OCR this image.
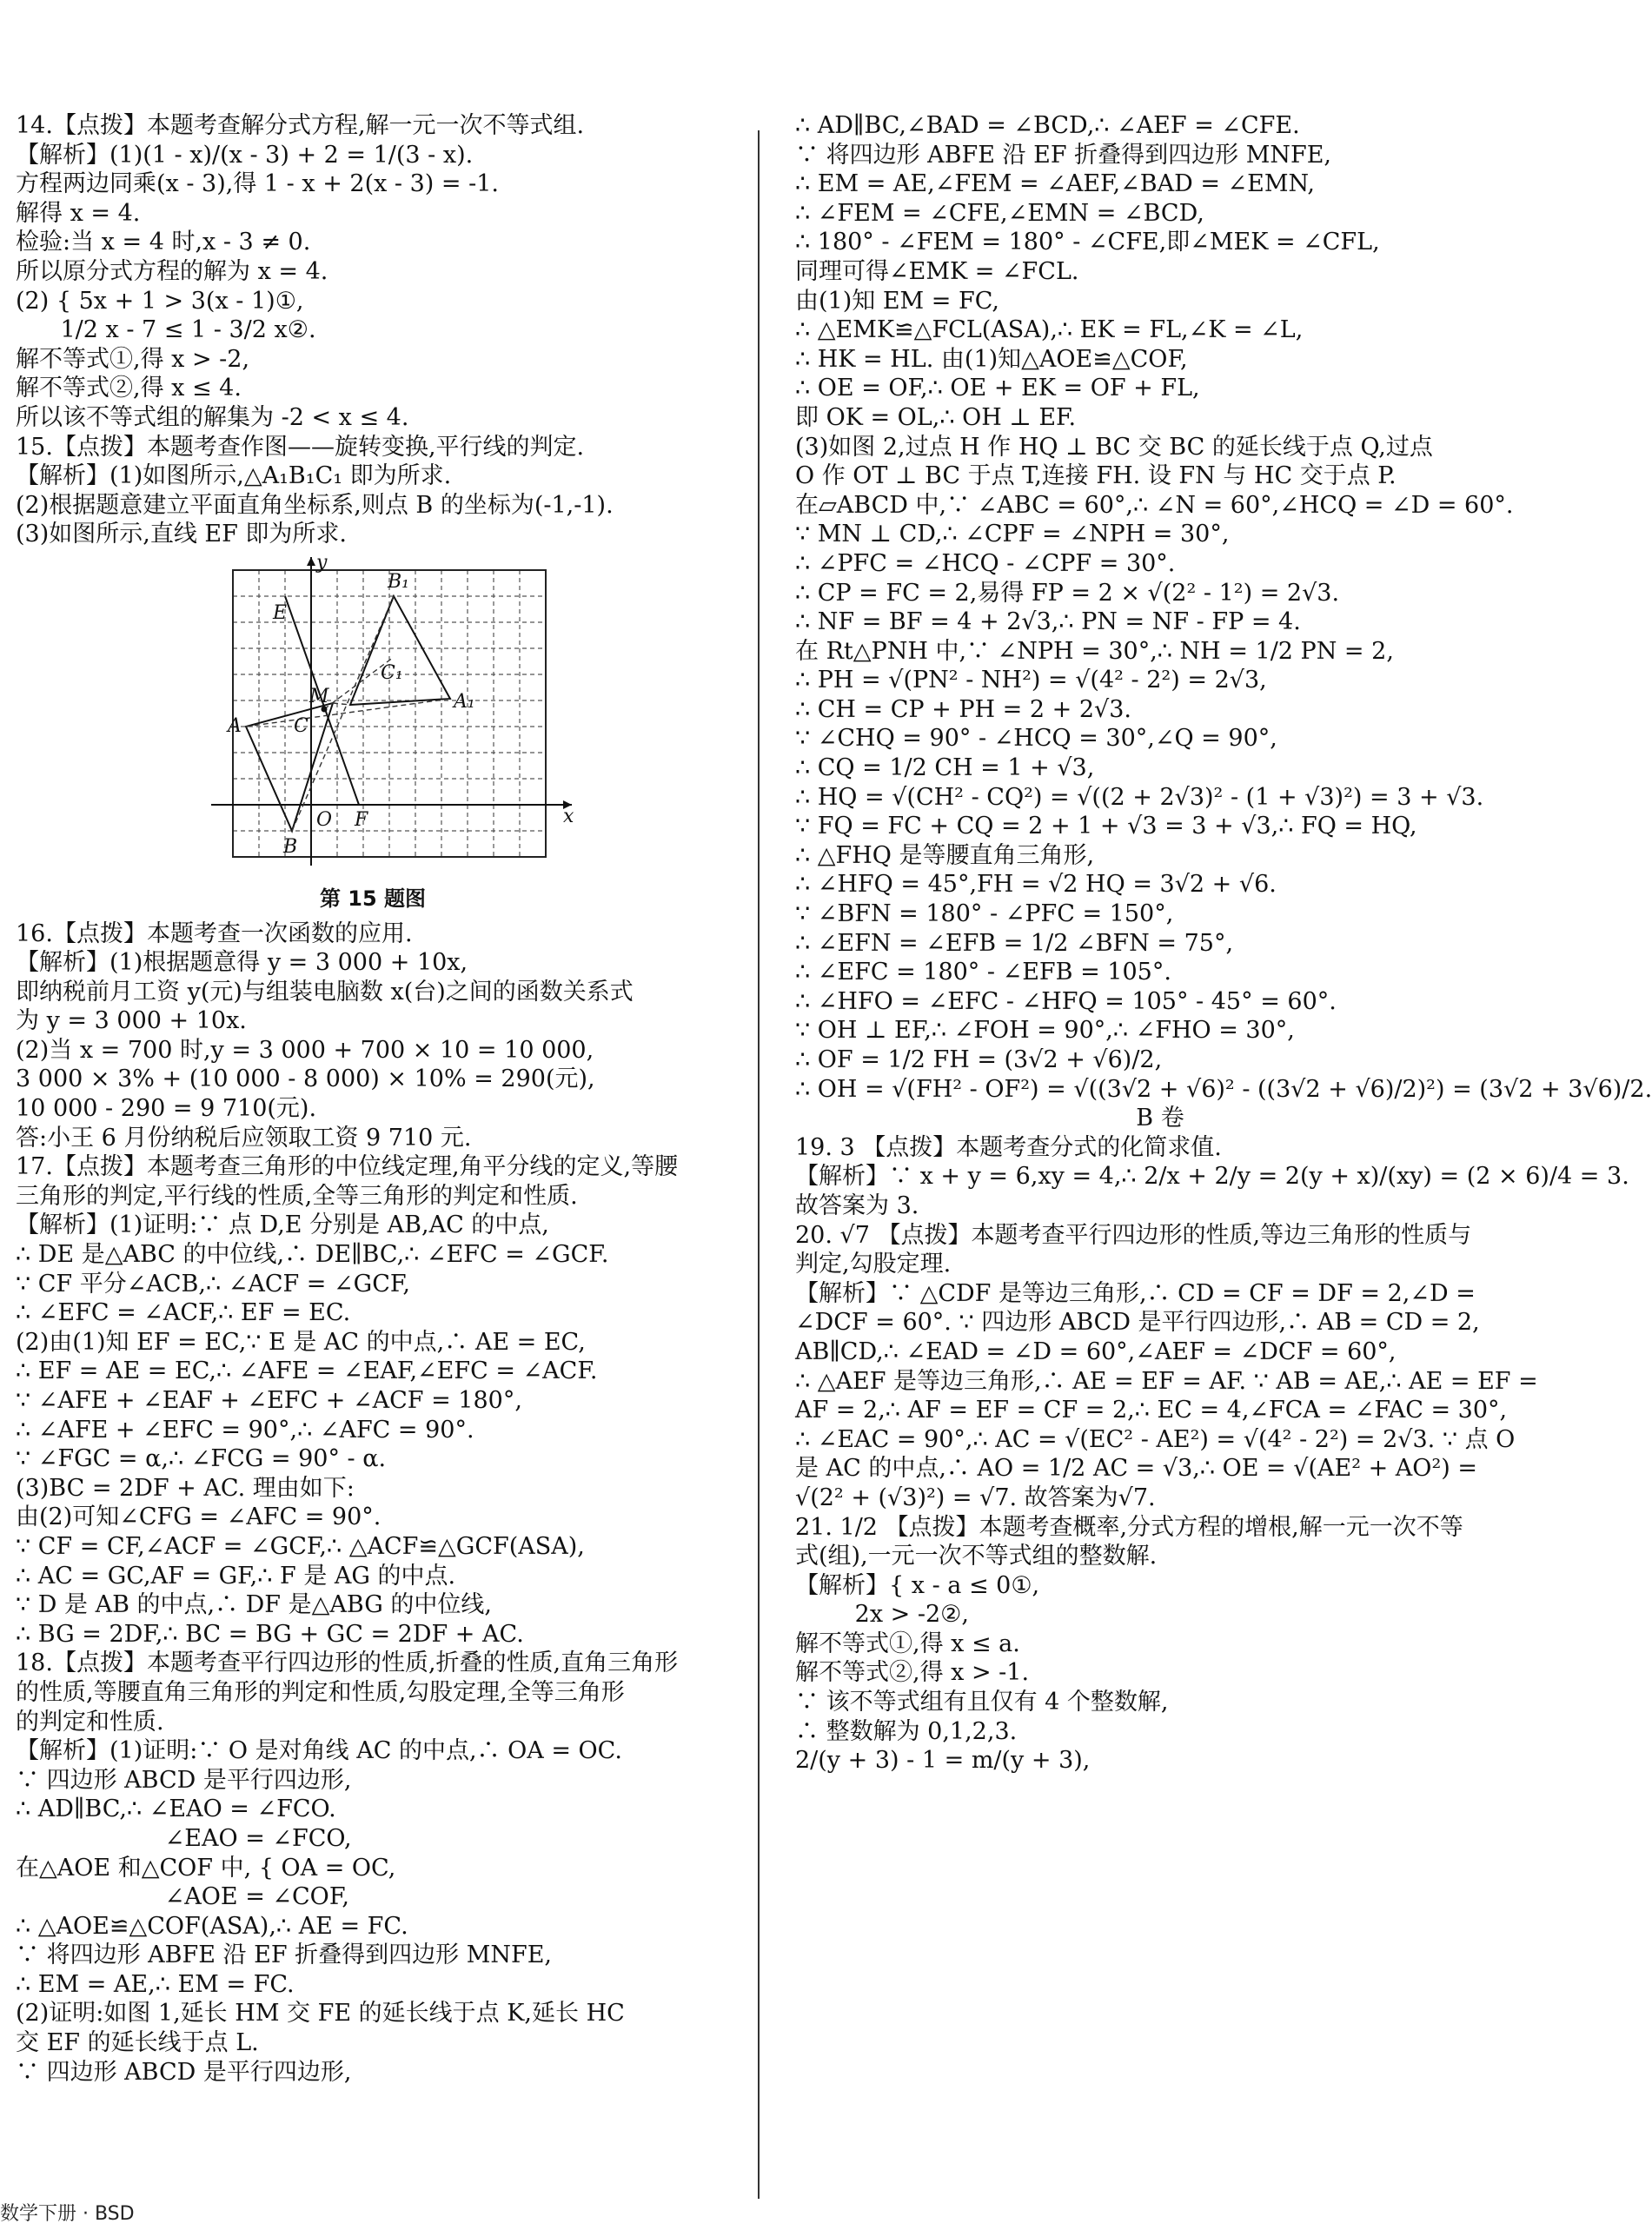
14.【点拨】本题考查解分式方程,解一元一次不等式组.
【解析】(1)(1 - x)/(x - 3) + 2 = 1/(3 - x).
方程两边同乘(x - 3),得 1 - x + 2(x - 3) = -1.
解得 x = 4.
检验:当 x = 4 时,x - 3 ≠ 0.
所以原分式方程的解为 x = 4.
(2) { 5x + 1 > 3(x - 1)①,
1/2 x - 7 ≤ 1 - 3/2 x②.
解不等式①,得 x > -2,
解不等式②,得 x ≤ 4.
所以该不等式组的解集为 -2 < x ≤ 4.
15.【点拨】本题考查作图——旋转变换,平行线的判定.
【解析】(1)如图所示,△A₁B₁C₁ 即为所求.
(2)根据题意建立平面直角坐标系,则点 B 的坐标为(-1,-1).
(3)如图所示,直线 EF 即为所求.
y
x
E
B₁
C₁
A₁
M
A	C
O F
B
第 15 题图
16.【点拨】本题考查一次函数的应用.
【解析】(1)根据题意得 y = 3 000 + 10x,
即纳税前月工资 y(元)与组装电脑数 x(台)之间的函数关系式
为 y = 3 000 + 10x.
(2)当 x = 700 时,y = 3 000 + 700 × 10 = 10 000,
3 000 × 3% + (10 000 - 8 000) × 10% = 290(元),
10 000 - 290 = 9 710(元).
答:小王 6 月份纳税后应领取工资 9 710 元.
17.【点拨】本题考查三角形的中位线定理,角平分线的定义,等腰
三角形的判定,平行线的性质,全等三角形的判定和性质.
【解析】(1)证明:∵ 点 D,E 分别是 AB,AC 的中点,
∴ DE 是△ABC 的中位线,∴ DE∥BC,∴ ∠EFC = ∠GCF.
∵ CF 平分∠ACB,∴ ∠ACF = ∠GCF,
∴ ∠EFC = ∠ACF,∴ EF = EC.
(2)由(1)知 EF = EC,∵ E 是 AC 的中点,∴ AE = EC,
∴ EF = AE = EC,∴ ∠AFE = ∠EAF,∠EFC = ∠ACF.
∵ ∠AFE + ∠EAF + ∠EFC + ∠ACF = 180°,
∴ ∠AFE + ∠EFC = 90°,∴ ∠AFC = 90°.
∵ ∠FGC = α,∴ ∠FCG = 90° - α.
(3)BC = 2DF + AC. 理由如下:
由(2)可知∠CFG = ∠AFC = 90°.
∵ CF = CF,∠ACF = ∠GCF,∴ △ACF≌△GCF(ASA),
∴ AC = GC,AF = GF,∴ F 是 AG 的中点.
∵ D 是 AB 的中点,∴ DF 是△ABG 的中位线,
∴ BG = 2DF,∴ BC = BG + GC = 2DF + AC.
18.【点拨】本题考查平行四边形的性质,折叠的性质,直角三角形
的性质,等腰直角三角形的判定和性质,勾股定理,全等三角形
的判定和性质.
【解析】(1)证明:∵ O 是对角线 AC 的中点,∴ OA = OC.
∵ 四边形 ABCD 是平行四边形,
∴ AD∥BC,∴ ∠EAO = ∠FCO.
∠EAO = ∠FCO,
在△AOE 和△COF 中, { OA = OC,
∠AOE = ∠COF,
∴ △AOE≌△COF(ASA),∴ AE = FC.
∵ 将四边形 ABFE 沿 EF 折叠得到四边形 MNFE,
∴ EM = AE,∴ EM = FC.
(2)证明:如图 1,延长 HM 交 FE 的延长线于点 K,延长 HC
交 EF 的延长线于点 L.
∵ 四边形 ABCD 是平行四边形,
∴ AD∥BC,∠BAD = ∠BCD,∴ ∠AEF = ∠CFE.
∵ 将四边形 ABFE 沿 EF 折叠得到四边形 MNFE,
∴ EM = AE,∠FEM = ∠AEF,∠BAD = ∠EMN,
∴ ∠FEM = ∠CFE,∠EMN = ∠BCD,
∴ 180° - ∠FEM = 180° - ∠CFE,即∠MEK = ∠CFL,
同理可得∠EMK = ∠FCL.
由(1)知 EM = FC,
∴ △EMK≌△FCL(ASA),∴ EK = FL,∠K = ∠L,
∴ HK = HL. 由(1)知△AOE≌△COF,
∴ OE = OF,∴ OE + EK = OF + FL,
即 OK = OL,∴ OH ⊥ EF.
(3)如图 2,过点 H 作 HQ ⊥ BC 交 BC 的延长线于点 Q,过点
O 作 OT ⊥ BC 于点 T,连接 FH. 设 FN 与 HC 交于点 P.
在▱ABCD 中,∵ ∠ABC = 60°,∴ ∠N = 60°,∠HCQ = ∠D = 60°.
∵ MN ⊥ CD,∴ ∠CPF = ∠NPH = 30°,
∴ ∠PFC = ∠HCQ - ∠CPF = 30°.
∴ CP = FC = 2,易得 FP = 2 × √(2² - 1²) = 2√3.
∴ NF = BF = 4 + 2√3,∴ PN = NF - FP = 4.
在 Rt△PNH 中,∵ ∠NPH = 30°,∴ NH = 1/2 PN = 2,
∴ PH = √(PN² - NH²) = √(4² - 2²) = 2√3,
∴ CH = CP + PH = 2 + 2√3.
∵ ∠CHQ = 90° - ∠HCQ = 30°,∠Q = 90°,
∴ CQ = 1/2 CH = 1 + √3,
∴ HQ = √(CH² - CQ²) = √((2 + 2√3)² - (1 + √3)²) = 3 + √3.
∵ FQ = FC + CQ = 2 + 1 + √3 = 3 + √3,∴ FQ = HQ,
∴ △FHQ 是等腰直角三角形,
∴ ∠HFQ = 45°,FH = √2 HQ = 3√2 + √6.
∵ ∠BFN = 180° - ∠PFC = 150°,
∴ ∠EFN = ∠EFB = 1/2 ∠BFN = 75°,
∴ ∠EFC = 180° - ∠EFB = 105°.
∴ ∠HFO = ∠EFC - ∠HFQ = 105° - 45° = 60°.
∵ OH ⊥ EF,∴ ∠FOH = 90°,∴ ∠FHO = 30°,
∴ OF = 1/2 FH = (3√2 + √6)/2,
∴ OH = √(FH² - OF²) = √((3√2 + √6)² - ((3√2 + √6)/2)²) = (3√2 + 3√6)/2.
B 卷
19. 3 【点拨】本题考查分式的化简求值.
【解析】∵ x + y = 6,xy = 4,∴ 2/x + 2/y = 2(y + x)/(xy) = (2 × 6)/4 = 3.
故答案为 3.
20. √7 【点拨】本题考查平行四边形的性质,等边三角形的性质与
判定,勾股定理.
【解析】∵ △CDF 是等边三角形,∴ CD = CF = DF = 2,∠D =
∠DCF = 60°. ∵ 四边形 ABCD 是平行四边形,∴ AB = CD = 2,
AB∥CD,∴ ∠EAD = ∠D = 60°,∠AEF = ∠DCF = 60°,
∴ △AEF 是等边三角形,∴ AE = EF = AF. ∵ AB = AE,∴ AE = EF =
AF = 2,∴ AF = EF = CF = 2,∴ EC = 4,∠FCA = ∠FAC = 30°,
∴ ∠EAC = 90°,∴ AC = √(EC² - AE²) = √(4² - 2²) = 2√3. ∵ 点 O
是 AC 的中点,∴ AO = 1/2 AC = √3,∴ OE = √(AE² + AO²) =
√(2² + (√3)²) = √7. 故答案为√7.
21. 1/2 【点拨】本题考查概率,分式方程的增根,解一元一次不等
式(组),一元一次不等式组的整数解.
【解析】{ x - a ≤ 0①,
2x > -2②,
解不等式①,得 x ≤ a.
解不等式②,得 x > -1.
∵ 该不等式组有且仅有 4 个整数解,
∴ 整数解为 0,1,2,3.
2/(y + 3) - 1 = m/(y + 3),
数学下册 · BSD
